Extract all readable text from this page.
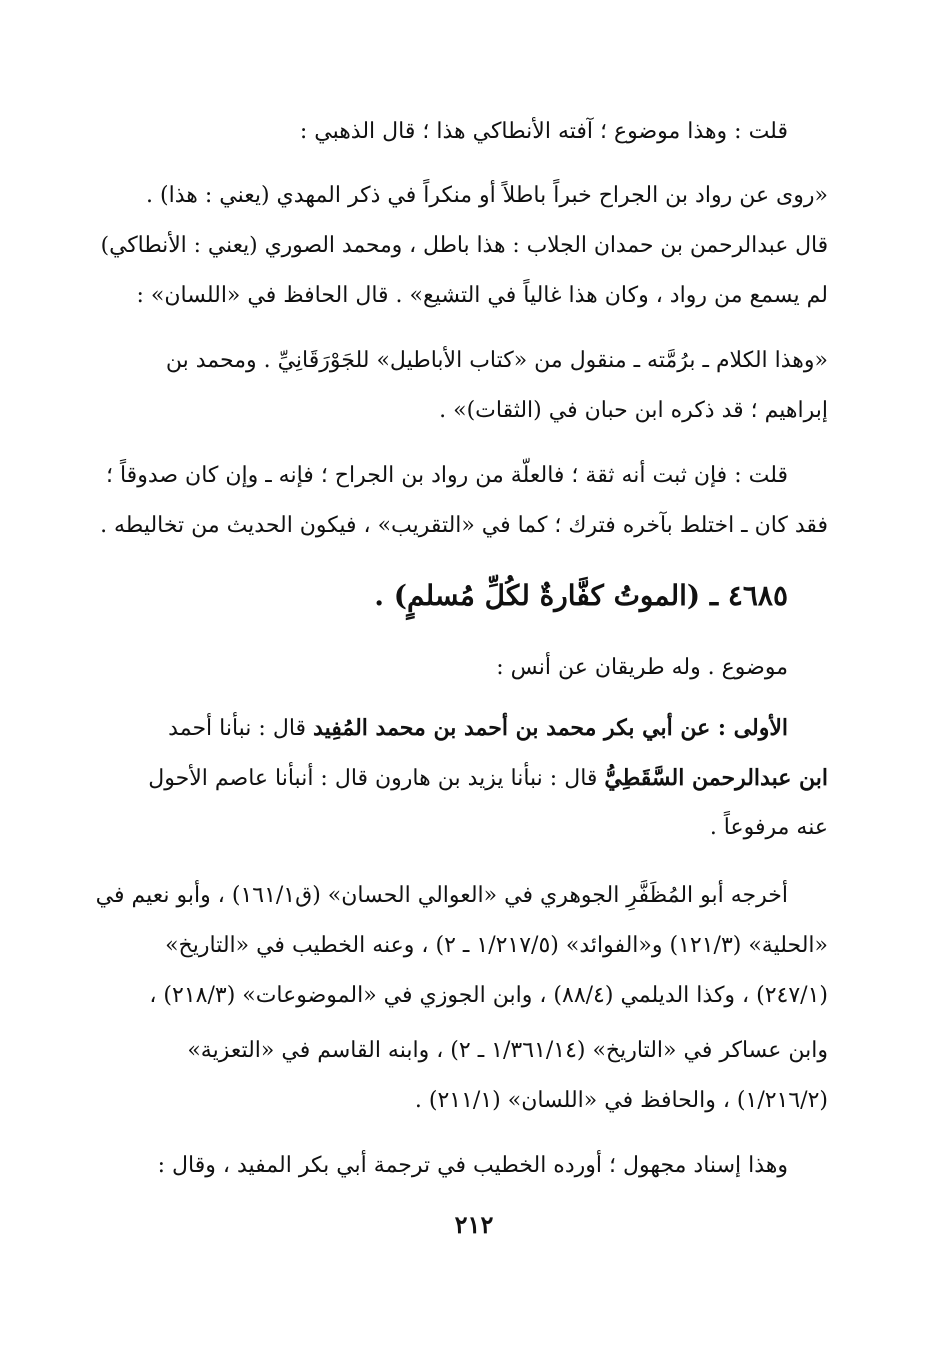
قلت : وهذا موضوع ؛ آفته الأنطاكي هذا ؛ قال الذهبي :
«روى عن رواد بن الجراح خبراً باطلاً أو منكراً في ذكر المهدي (يعني : هذا) .
قال عبدالرحمن بن حمدان الجلاب : هذا باطل ، ومحمد الصوري (يعني : الأنطاكي)
لم يسمع من رواد ، وكان هذا غالياً في التشيع» . قال الحافظ في «اللسان» :
«وهذا الكلام ـ برُمَّته ـ منقول من «كتاب الأباطيل» للجَوْرَقَانِيِّ . ومحمد بن
إبراهيم ؛ قد ذكره ابن حبان في (الثقات)» .
قلت : فإن ثبت أنه ثقة ؛ فالعلّة من رواد بن الجراح ؛ فإنه ـ وإن كان صدوقاً ؛
فقد كان ـ اختلط بآخره فترك ؛ كما في «التقريب» ، فيكون الحديث من تخاليطه .
٤٦٨٥ ـ (الموتُ كفَّارةٌ لكُلِّ مُسلمٍ) .
موضوع . وله طريقان عن أنس :
الأولى : عن أبي بكر محمد بن أحمد بن محمد المُفِيد قال : نبأنا أحمد
ابن عبدالرحمن السَّقَطِيُّ قال : نبأنا يزيد بن هارون قال : أنبأنا عاصم الأحول
عنه مرفوعاً .
أخرجه أبو المُظَفَّرِ الجوهري في «العوالي الحسان» (ق١٦١/١) ، وأبو نعيم في
«الحلية» (١٢١/٣) و«الفوائد» (١/٢١٧/٥ ـ ٢) ، وعنه الخطيب في «التاريخ»
(٢٤٧/١) ، وكذا الديلمي (٨٨/٤) ، وابن الجوزي في «الموضوعات» (٢١٨/٣) ،
وابن عساكر في «التاريخ» (١/٣٦١/١٤ ـ ٢) ، وابنه القاسم في «التعزية»
(١/٢١٦/٢) ، والحافظ في «اللسان» (٢١١/١) .
وهذا إسناد مجهول ؛ أورده الخطيب في ترجمة أبي بكر المفيد ، وقال :
٢١٢
